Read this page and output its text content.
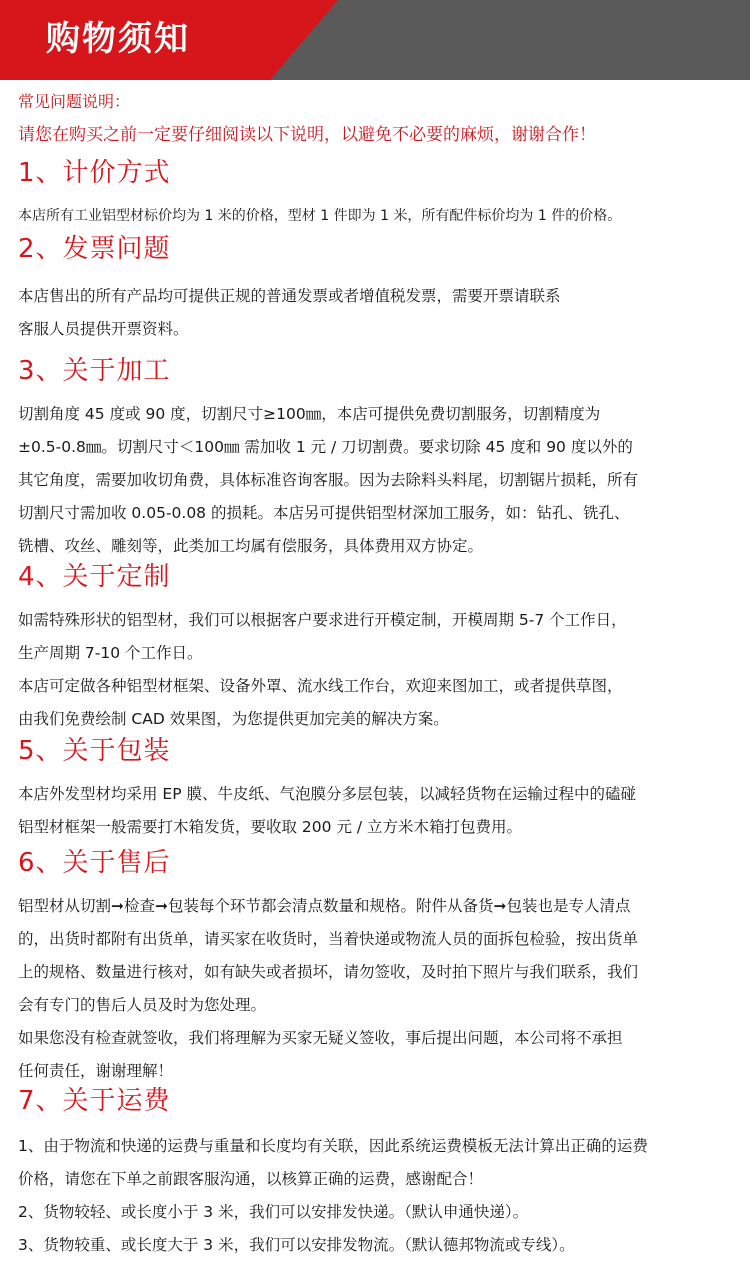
购物须知
常见问题说明：
请您在购买之前一定要仔细阅读以下说明，以避免不必要的麻烦，谢谢合作！
1、计价方式
本店所有工业铝型材标价均为 1 米的价格，型材 1 件即为 1 米，所有配件标价均为 1 件的价格。
2、发票问题
本店售出的所有产品均可提供正规的普通发票或者增值税发票，需要开票请联系
客服人员提供开票资料。
3、关于加工
切割角度 45 度或 90 度，切割尺寸≥100㎜，本店可提供免费切割服务，切割精度为
±0.5-0.8㎜。切割尺寸＜100㎜ 需加收 1 元 / 刀切割费。要求切除 45 度和 90 度以外的
其它角度，需要加收切角费，具体标准咨询客服。因为去除料头料尾，切割锯片损耗，所有
切割尺寸需加收 0.05-0.08 的损耗。本店另可提供铝型材深加工服务，如：钻孔、铣孔、
铣槽、攻丝、雕刻等，此类加工均属有偿服务，具体费用双方协定。
4、关于定制
如需特殊形状的铝型材，我们可以根据客户要求进行开模定制，开模周期 5-7 个工作日，
生产周期 7-10 个工作日。
本店可定做各种铝型材框架、设备外罩、流水线工作台，欢迎来图加工，或者提供草图，
由我们免费绘制 CAD 效果图，为您提供更加完美的解决方案。
5、关于包装
本店外发型材均采用 EP 膜、牛皮纸、气泡膜分多层包装，以减轻货物在运输过程中的磕碰
铝型材框架一般需要打木箱发货，要收取 200 元 / 立方米木箱打包费用。
6、关于售后
铝型材从切割➞检查➞包装每个环节都会清点数量和规格。附件从备货➞包装也是专人清点
的，出货时都附有出货单，请买家在收货时，当着快递或物流人员的面拆包检验，按出货单
上的规格、数量进行核对，如有缺失或者损坏，请勿签收，及时拍下照片与我们联系，我们
会有专门的售后人员及时为您处理。
如果您没有检查就签收，我们将理解为买家无疑义签收，事后提出问题，本公司将不承担
任何责任，谢谢理解！
7、关于运费
1、由于物流和快递的运费与重量和长度均有关联，因此系统运费模板无法计算出正确的运费
价格，请您在下单之前跟客服沟通，以核算正确的运费，感谢配合！
2、货物较轻、或长度小于 3 米，我们可以安排发快递。（默认申通快递）。
3、货物较重、或长度大于 3 米，我们可以安排发物流。（默认德邦物流或专线）。
